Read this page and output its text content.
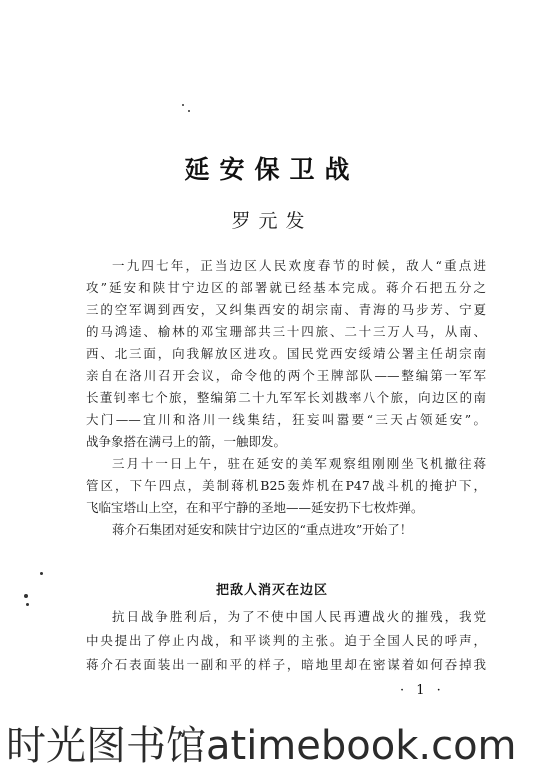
延安保卫战
罗元发
一九四七年，正当边区人民欢度春节的时候，敌人“重点进
攻”延安和陕甘宁边区的部署就已经基本完成。蒋介石把五分之
三的空军调到西安，又纠集西安的胡宗南、青海的马步芳、宁夏
的马鸿逵、榆林的邓宝珊部共三十四旅、二十三万人马，从南、
西、北三面，向我解放区进攻。国民党西安绥靖公署主任胡宗南
亲自在洛川召开会议，命令他的两个王牌部队——整编第一军军
长董钊率七个旅，整编第二十九军军长刘戡率八个旅，向边区的南
大门——宜川和洛川一线集结，狂妄叫嚣要“三天占领延安”。
战争象搭在满弓上的箭，一触即发。
三月十一日上午，驻在延安的美军观察组刚刚坐飞机撤往蒋
管区，下午四点，美制蒋机B25轰炸机在P47战斗机的掩护下，
飞临宝塔山上空，在和平宁静的圣地——延安扔下七枚炸弹。
蒋介石集团对延安和陕甘宁边区的“重点进攻”开始了！
把敌人消灭在边区
抗日战争胜利后，为了不使中国人民再遭战火的摧残，我党
中央提出了停止内战，和平谈判的主张。迫于全国人民的呼声，
蒋介石表面装出一副和平的样子，暗地里却在密谋着如何吞掉我
· 1 ·
时光图书馆atimebook.com
